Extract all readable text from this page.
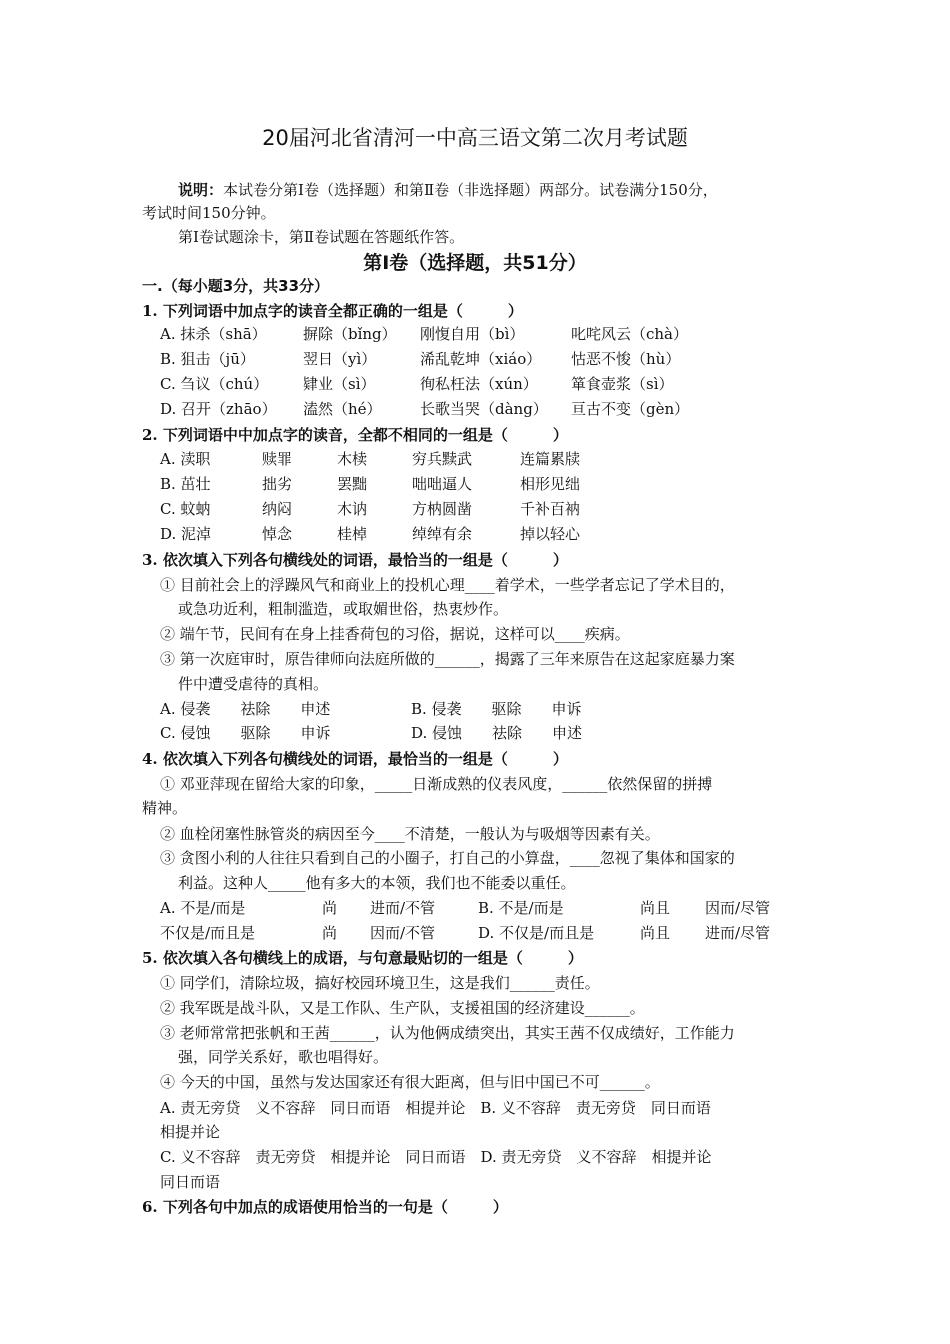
20届河北省清河一中高三语文第二次月考试题
说明：本试卷分第Ⅰ卷（选择题）和第Ⅱ卷（非选择题）两部分。试卷满分150分，
考试时间150分钟。
第Ⅰ卷试题涂卡，第Ⅱ卷试题在答题纸作答。
第Ⅰ卷（选择题，共51分）
一.（每小题3分，共33分）
1. 下列词语中加点字的读音全都正确的一组是（　　　）
A. 抹杀（shā） 摒除（bǐng） 刚愎自用（bì）	叱咤风云（chà）
B. 狙击（jū）	翌日（yì）	浠乱乾坤（xiáo） 怙恶不悛（hù）
C. 刍议（chú） 肄业（sì）	徇私枉法（xún） 箪食壶浆（sì）
D. 召开（zhāo） 溘然（hé）	长歌当哭（dàng） 亘古不变（gèn）
2. 下列词语中中加点字的读音，全都不相同的一组是（　　　）
A. 渎职	赎罪	木椟	穷兵黩武	连篇累牍
B. 茁壮	拙劣	罢黜	咄咄逼人	相形见绌
C. 蚊蚋	纳闷	木讷	方枘圆凿	千补百衲
D. 泥淖	悼念	桂棹	绰绰有余	掉以轻心
3. 依次填入下列各句横线处的词语，最恰当的一组是（　　　）
① 目前社会上的浮躁风气和商业上的投机心理____着学术，一些学者忘记了学术目的，
或急功近利，粗制滥造，或取媚世俗，热衷炒作。
② 端午节，民间有在身上挂香荷包的习俗，据说，这样可以____疾病。
③ 第一次庭审时，原告律师向法庭所做的______，揭露了三年来原告在这起家庭暴力案
件中遭受虐待的真相。
A. 侵袭　　祛除　　申述	B. 侵袭　　驱除　　申诉
C. 侵蚀　　驱除　　申诉	D. 侵蚀　　祛除　　申述
4. 依次填入下列各句横线处的词语，最恰当的一组是（　　　）
① 邓亚萍现在留给大家的印象，_____日渐成熟的仪表风度，______依然保留的拼搏
精神。
② 血栓闭塞性脉管炎的病因至今____不清楚，一般认为与吸烟等因素有关。
③ 贪图小利的人往往只看到自己的小圈子，打自己的小算盘，____忽视了集体和国家的
利益。这种人_____他有多大的本领，我们也不能委以重任。
A. 不是/而是	尚 进而/不管	B. 不是/而是	尚且 因而/尽管
不仅是/而且是	尚 因而/不管	D. 不仅是/而且是	尚且 进而/尽管
5. 依次填入各句横线上的成语，与句意最贴切的一组是（　　　）
① 同学们，清除垃圾，搞好校园环境卫生，这是我们______责任。
② 我军既是战斗队，又是工作队、生产队，支援祖国的经济建设______。
③ 老师常常把张帆和王茜______，认为他俩成绩突出，其实王茜不仅成绩好，工作能力
强，同学关系好，歌也唱得好。
④ 今天的中国，虽然与发达国家还有很大距离，但与旧中国已不可______。
A. 责无旁贷　义不容辞　同日而语　相提并论　B. 义不容辞　责无旁贷　同日而语
相提并论
C. 义不容辞　责无旁贷　相提并论　同日而语　D. 责无旁贷　义不容辞　相提并论
同日而语
6. 下列各句中加点的成语使用恰当的一句是（　　　）
